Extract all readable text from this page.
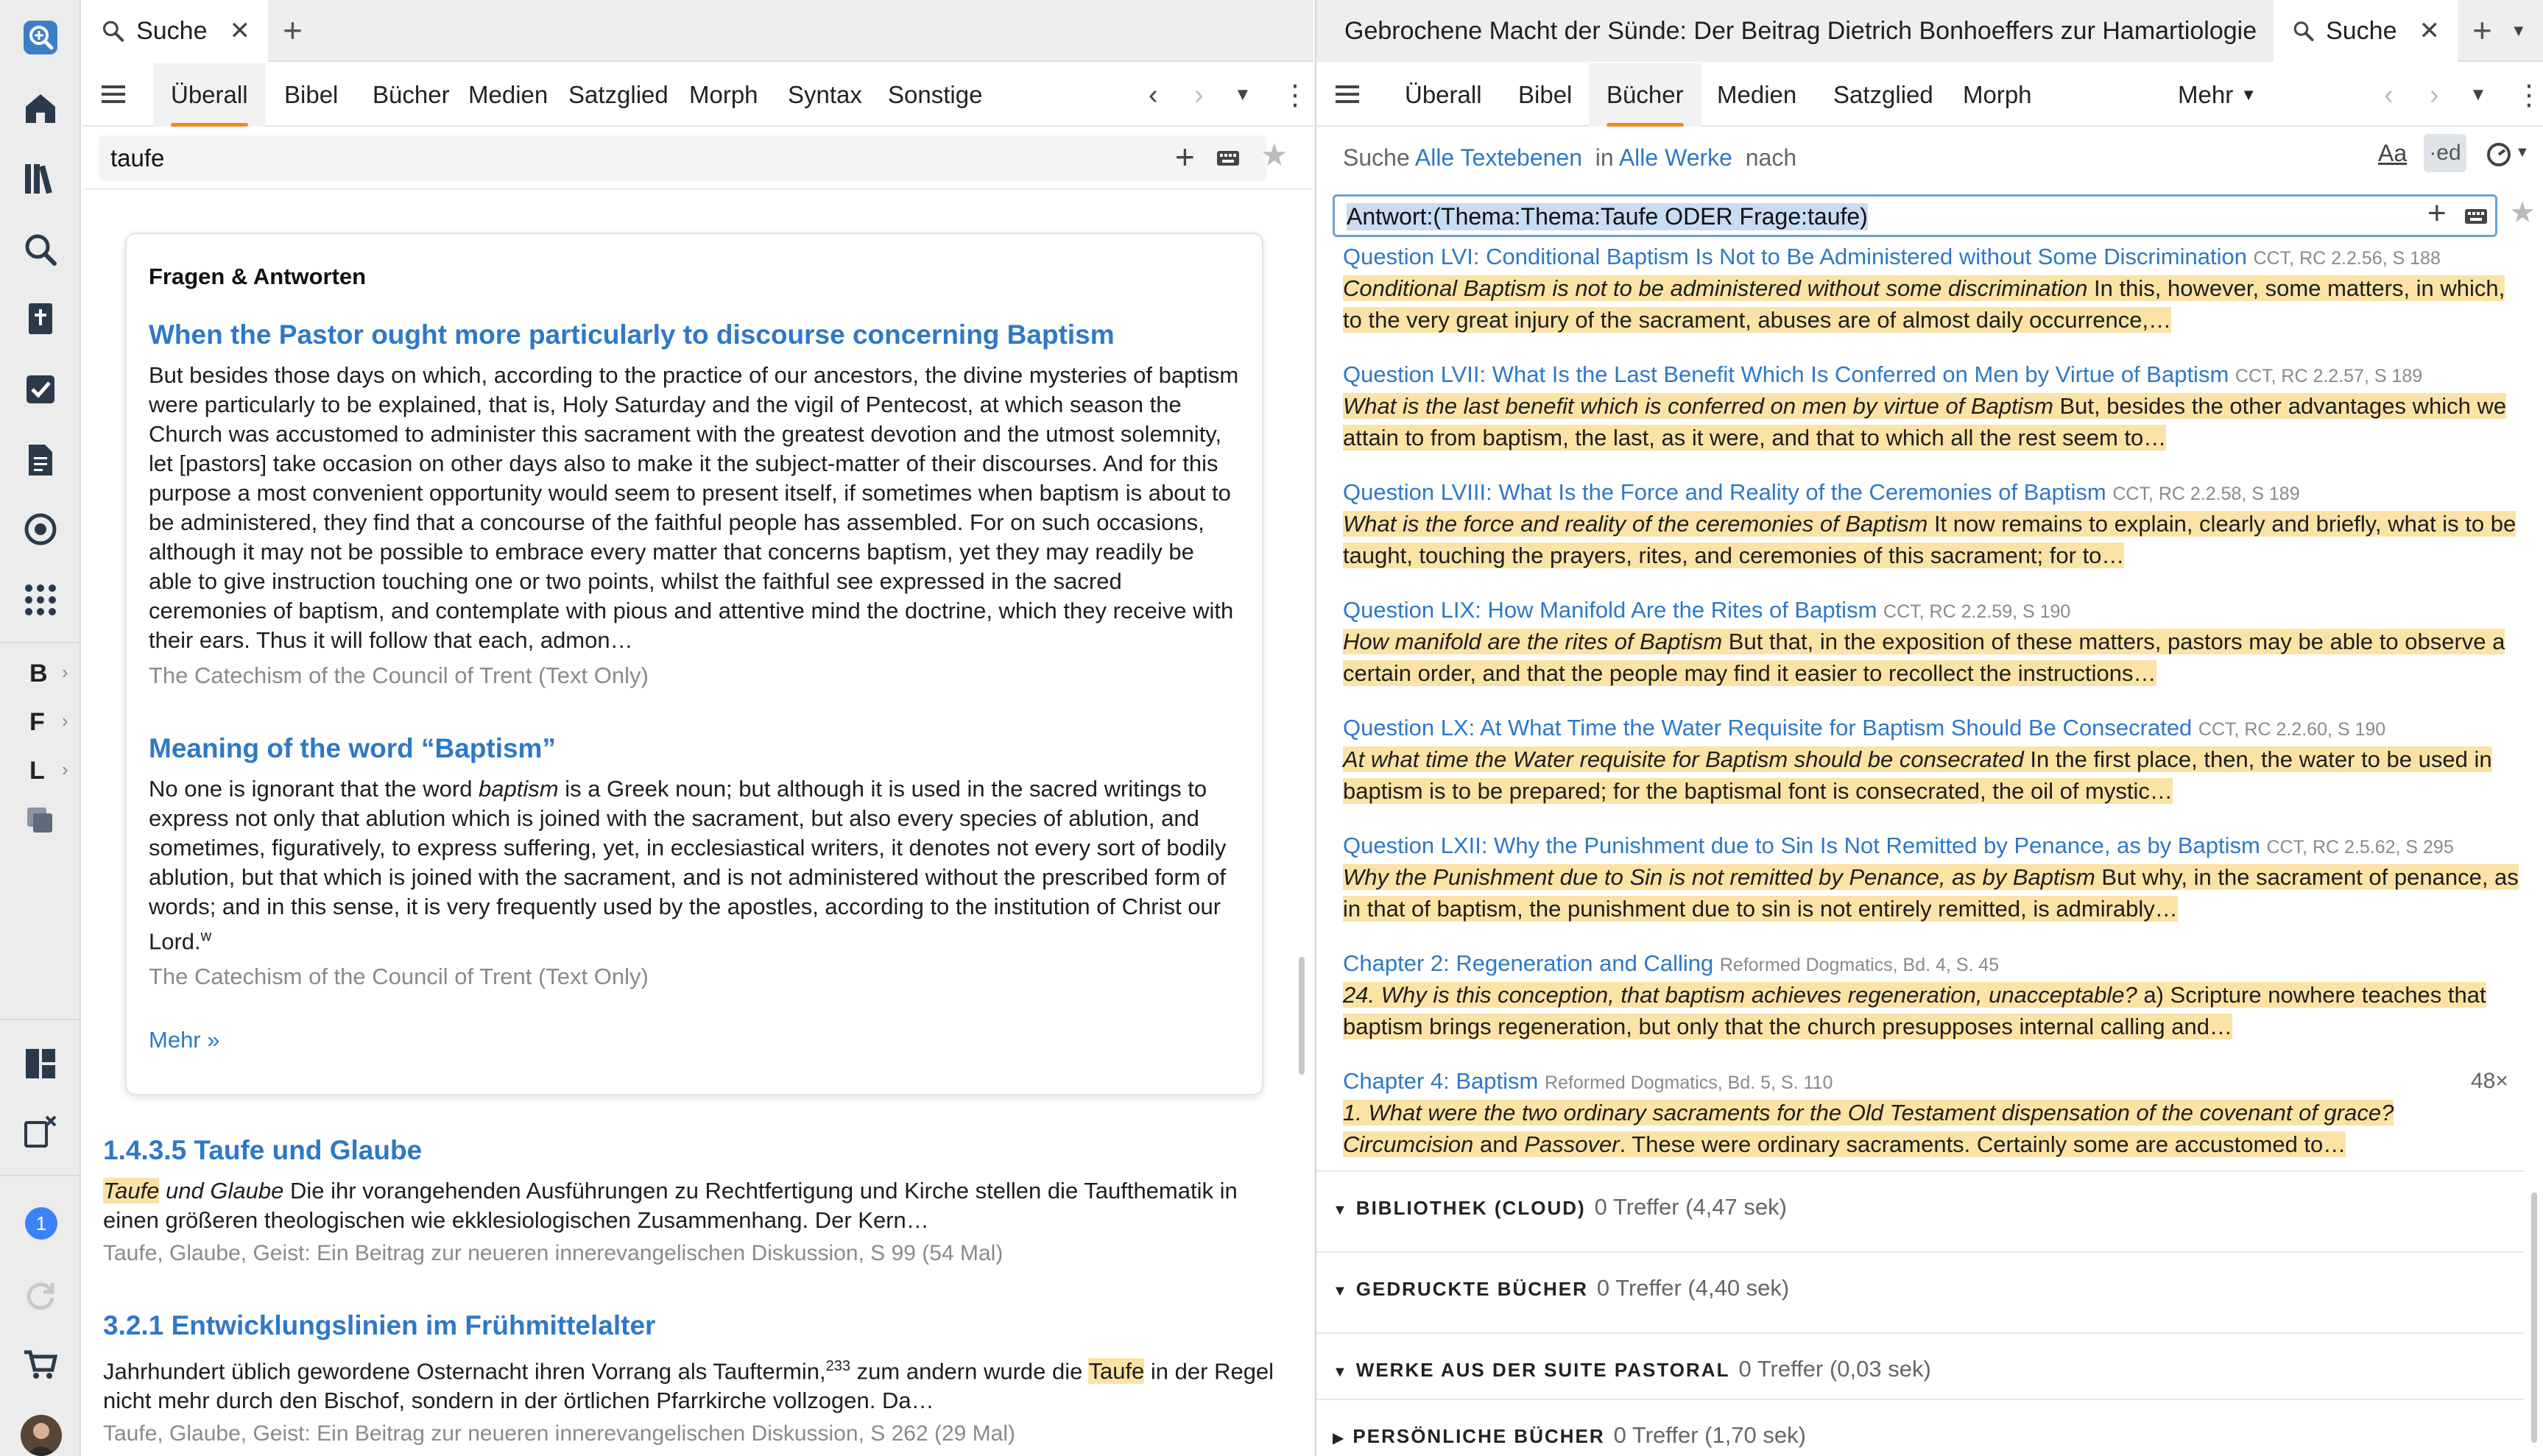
B ›
F ›
L ›
1
Suche ✕ +
Überall	Bibel	Bücher Medien Satzglied Morph	Syntax	Sonstige	‹ › ▼ ⋮
taufe	+ ★
Fragen & Antworten
When the Pastor ought more particularly to discourse concerning Baptism
But besides those days on which, according to the practice of our ancestors, the divine mysteries of baptism were particularly to be explained, that is, Holy Saturday and the vigil of Pentecost, at which season the Church was accustomed to administer this sacrament with the greatest devotion and the utmost solemnity, let [pastors] take occasion on other days also to make it the subject-matter of their discourses. And for this purpose a most convenient opportunity would seem to present itself, if sometimes when baptism is about to be administered, they find that a concourse of the faithful people has assembled. For on such occasions, although it may not be possible to embrace every matter that concerns baptism, yet they may readily be able to give instruction touching one or two points, whilst the faithful see expressed in the sacred ceremonies of baptism, and contemplate with pious and attentive mind the doctrine, which they receive with their ears. Thus it will follow that each, admon…
The Catechism of the Council of Trent (Text Only)
Meaning of the word “Baptism”
No one is ignorant that the word baptism is a Greek noun; but although it is used in the sacred writings to express not only that ablution which is joined with the sacrament, but also every species of ablution, and sometimes, figuratively, to express suffering, yet, in ecclesiastical writers, it denotes not every sort of bodily ablution, but that which is joined with the sacrament, and is not administered without the prescribed form of words; and in this sense, it is very frequently used by the apostles, according to the institution of Christ our Lord.$^w$
The Catechism of the Council of Trent (Text Only)
Mehr »
1.4.3.5 Taufe und Glaube
Taufe und Glaube Die ihr vorangehenden Ausführungen zu Rechtfertigung und Kirche stellen die Taufthematik in einen größeren theologischen wie ekklesiologischen Zusammenhang. Der Kern…
Taufe, Glaube, Geist: Ein Beitrag zur neueren innerevangelischen Diskussion, S 99 (54 Mal)
3.2.1 Entwicklungslinien im Frühmittelalter
Jahrhundert üblich gewordene Osternacht ihren Vorrang als Tauftermin,$^{233}$ zum andern wurde die Taufe in der Regel nicht mehr durch den Bischof, sondern in der örtlichen Pfarrkirche vollzogen. Da…
Taufe, Glaube, Geist: Ein Beitrag zur neueren innerevangelischen Diskussion, S 262 (29 Mal)
Gebrochene Macht der Sünde: Der Beitrag Dietrich Bonhoeffers zur Hamartiologie	Suche ✕ + ▼
Überall	Bibel	Bücher	Medien	Satzglied	Morph	Mehr ▼	‹ › ▼ ⋮
Suche Alle Textebenen in Alle Werke nach	Aa ·ed	▼
Antwort:(Thema:Thema:Taufe ODER Frage:taufe)	+ ★
Question LVI: Conditional Baptism Is Not to Be Administered without Some Discrimination CCT, RC 2.2.56, S 188
Conditional Baptism is not to be administered without some discrimination In this, however, some matters, in which, to the very great injury of the sacrament, abuses are of almost daily occurrence,…
Question LVII: What Is the Last Benefit Which Is Conferred on Men by Virtue of Baptism CCT, RC 2.2.57, S 189
What is the last benefit which is conferred on men by virtue of Baptism But, besides the other advantages which we attain to from baptism, the last, as it were, and that to which all the rest seem to…
Question LVIII: What Is the Force and Reality of the Ceremonies of Baptism CCT, RC 2.2.58, S 189
What is the force and reality of the ceremonies of Baptism It now remains to explain, clearly and briefly, what is to be taught, touching the prayers, rites, and ceremonies of this sacrament; for to…
Question LIX: How Manifold Are the Rites of Baptism CCT, RC 2.2.59, S 190
How manifold are the rites of Baptism But that, in the exposition of these matters, pastors may be able to observe a certain order, and that the people may find it easier to recollect the instructions…
Question LX: At What Time the Water Requisite for Baptism Should Be Consecrated CCT, RC 2.2.60, S 190
At what time the Water requisite for Baptism should be consecrated In the first place, then, the water to be used in baptism is to be prepared; for the baptismal font is consecrated, the oil of mystic…
Question LXII: Why the Punishment due to Sin Is Not Remitted by Penance, as by Baptism CCT, RC 2.5.62, S 295
Why the Punishment due to Sin is not remitted by Penance, as by Baptism But why, in the sacrament of penance, as in that of baptism, the punishment due to sin is not entirely remitted, is admirably…
Chapter 2: Regeneration and Calling Reformed Dogmatics, Bd. 4, S. 45
24. Why is this conception, that baptism achieves regeneration, unacceptable? a) Scripture nowhere teaches that baptism brings regeneration, but only that the church presupposes internal calling and…
Chapter 4: Baptism Reformed Dogmatics, Bd. 5, S. 110
1. What were the two ordinary sacraments for the Old Testament dispensation of the covenant of grace? Circumcision and Passover. These were ordinary sacraments. Certainly some are accustomed to…
48×
▼ BIBLIOTHEK (CLOUD) 0 Treffer (4,47 sek)
▼ GEDRUCKTE BÜCHER 0 Treffer (4,40 sek)
▼ WERKE AUS DER SUITE PASTORAL 0 Treffer (0,03 sek)
▶ PERSÖNLICHE BÜCHER 0 Treffer (1,70 sek)
